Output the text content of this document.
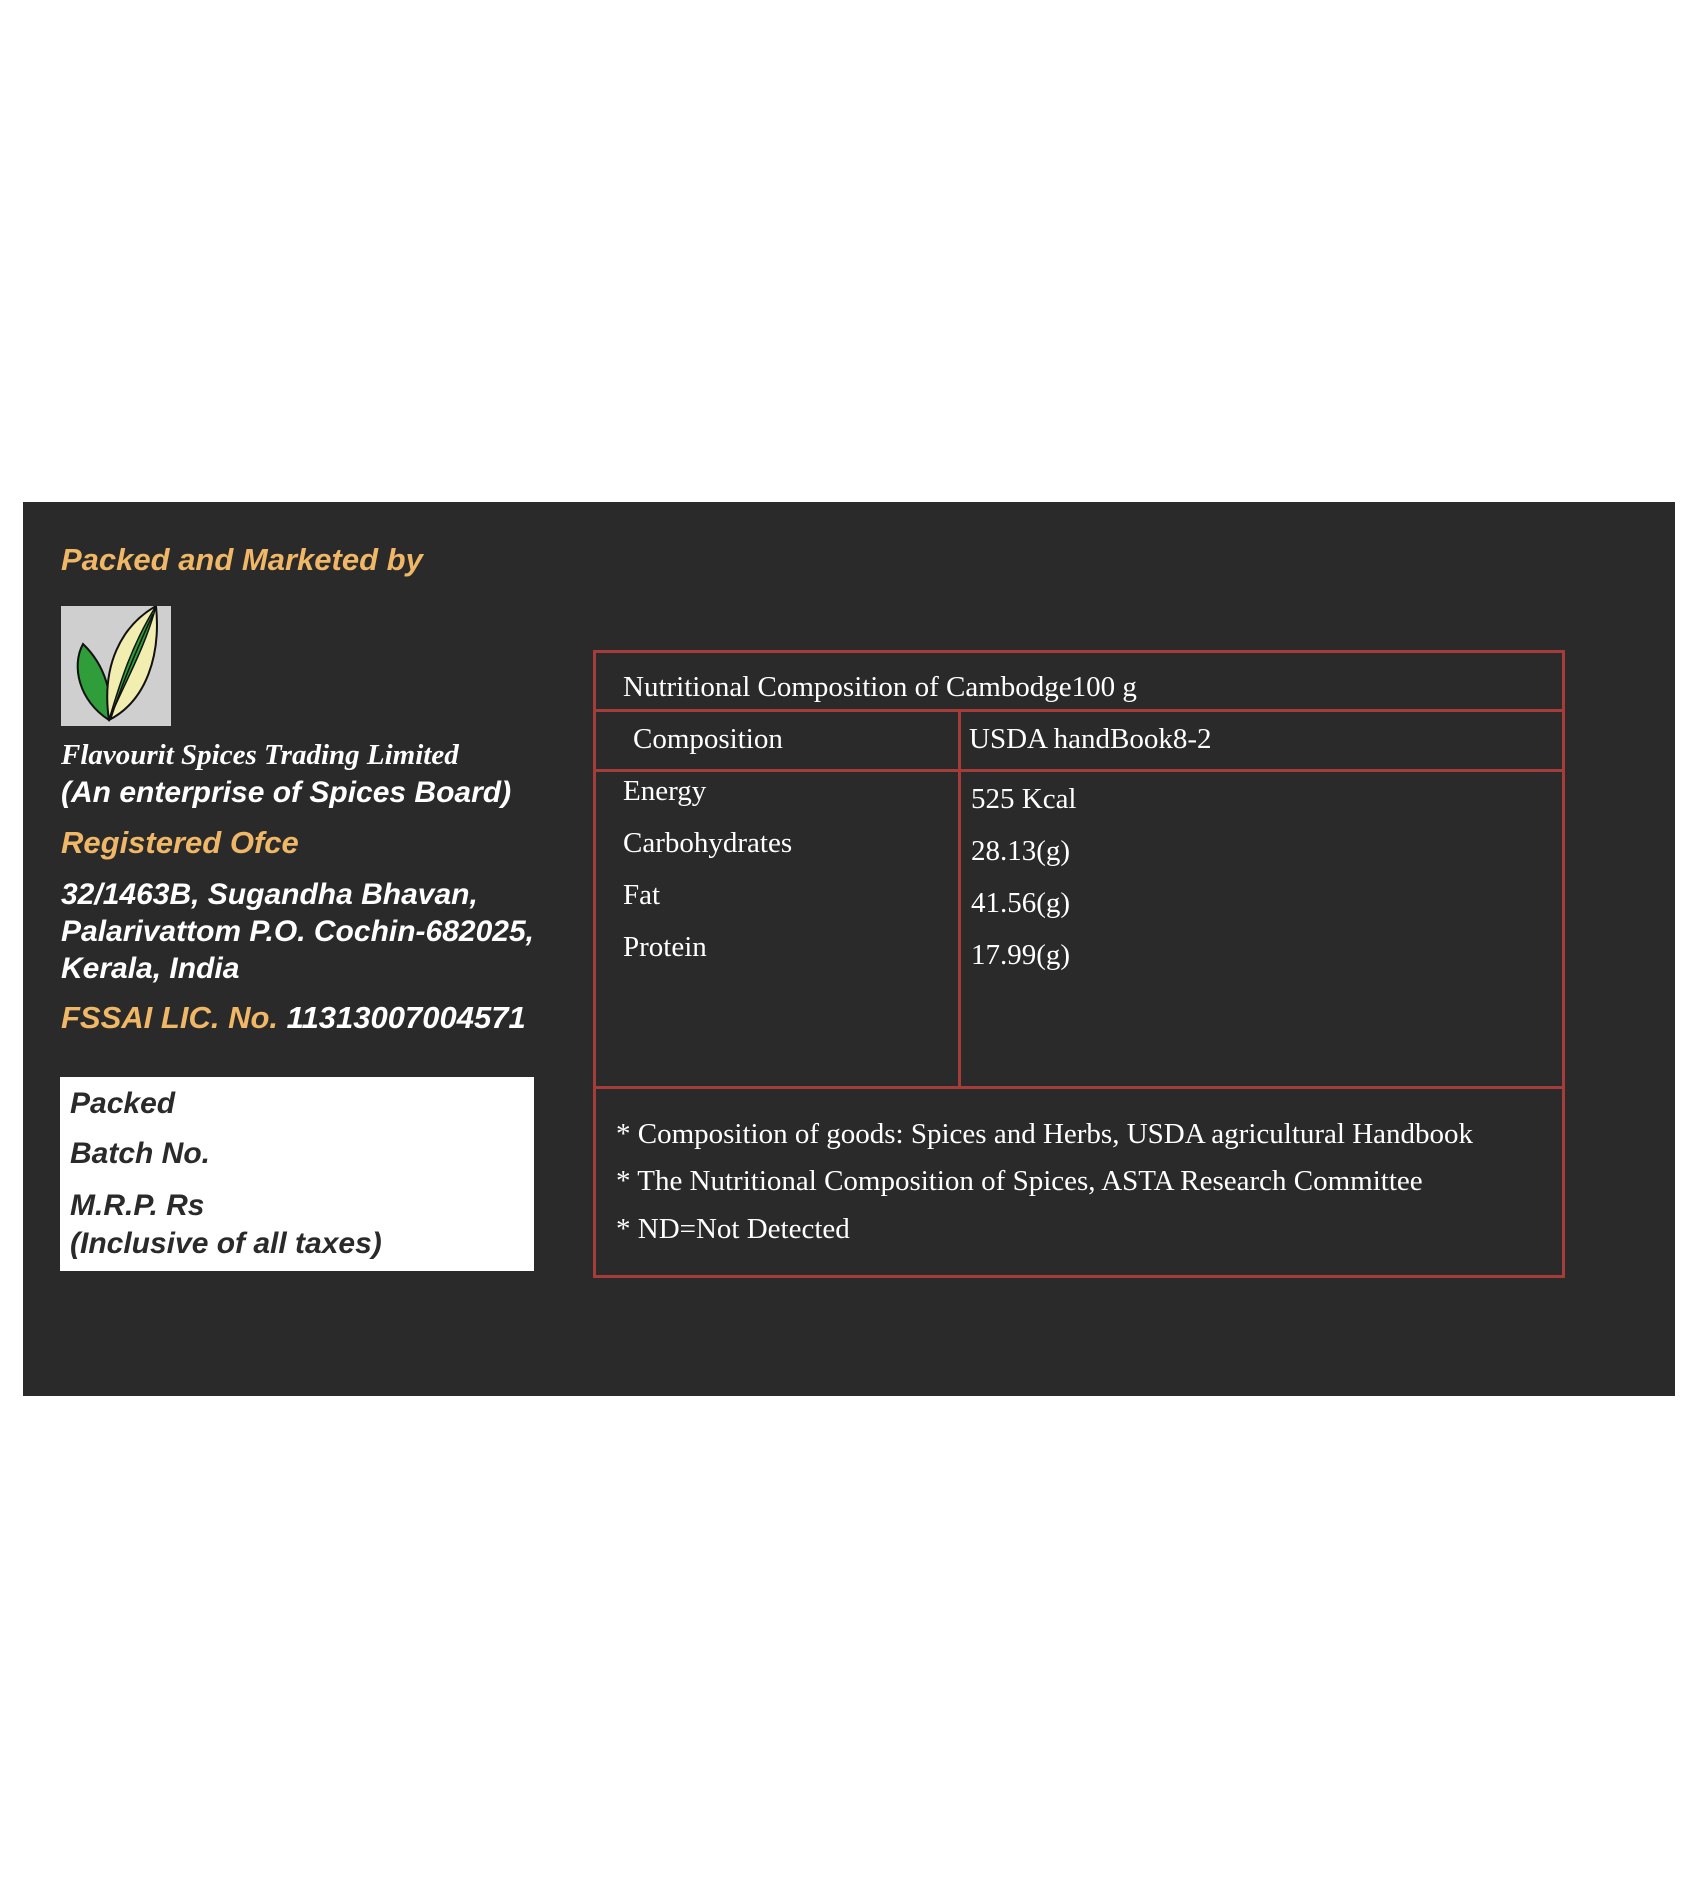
Packed and Marketed by
Flavourit Spices Trading Limited
(An enterprise of Spices Board)
Registered Ofce
32/1463B, Sugandha Bhavan,
Palarivattom P.O. Cochin-682025,
Kerala, India
FSSAI LIC. No. 11313007004571
Packed
Batch No.
M.R.P. Rs
(Inclusive of all taxes)
Nutritional Composition of Cambodge100 g
Composition	USDA handBook8-2
Energy	525 Kcal
Carbohydrates	28.13(g)
Fat	41.56(g)
Protein	17.99(g)
* Composition of goods: Spices and Herbs, USDA agricultural Handbook
* The Nutritional Composition of Spices, ASTA Research Committee
* ND=Not Detected
